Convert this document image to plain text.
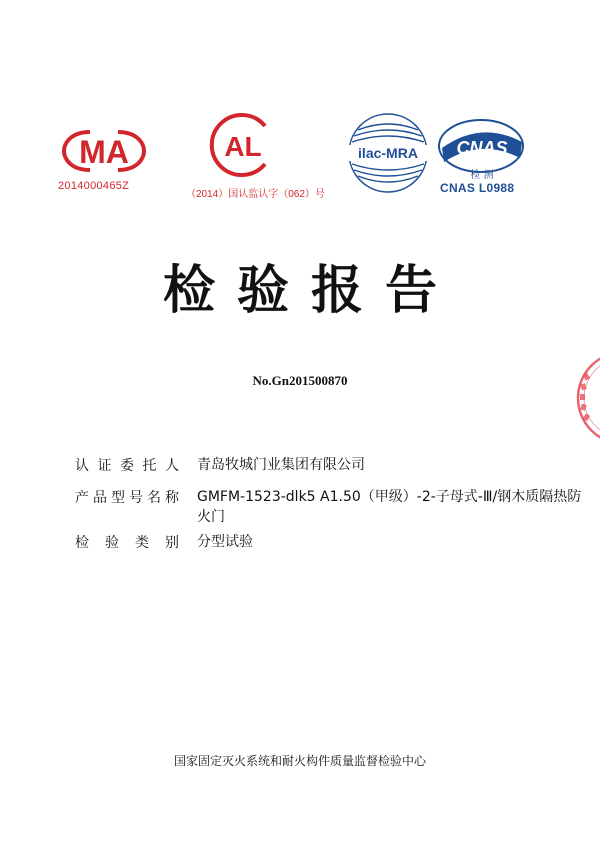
MA
2014000465Z
AL
（2014）国认监认字（062）号
ilac-MRA CNAS
检 测
CNAS L0988
检验报告
No.Gn201500870
认证委托人 青岛牧城门业集团有限公司
产品型号名称 GMFM-1523-dlk5 A1.50（甲级）-2-子母式-Ⅲ/钢木质隔热防火门
检验类别 分型试验
国家固定灭火系统和耐火构件质量监督检验中心
